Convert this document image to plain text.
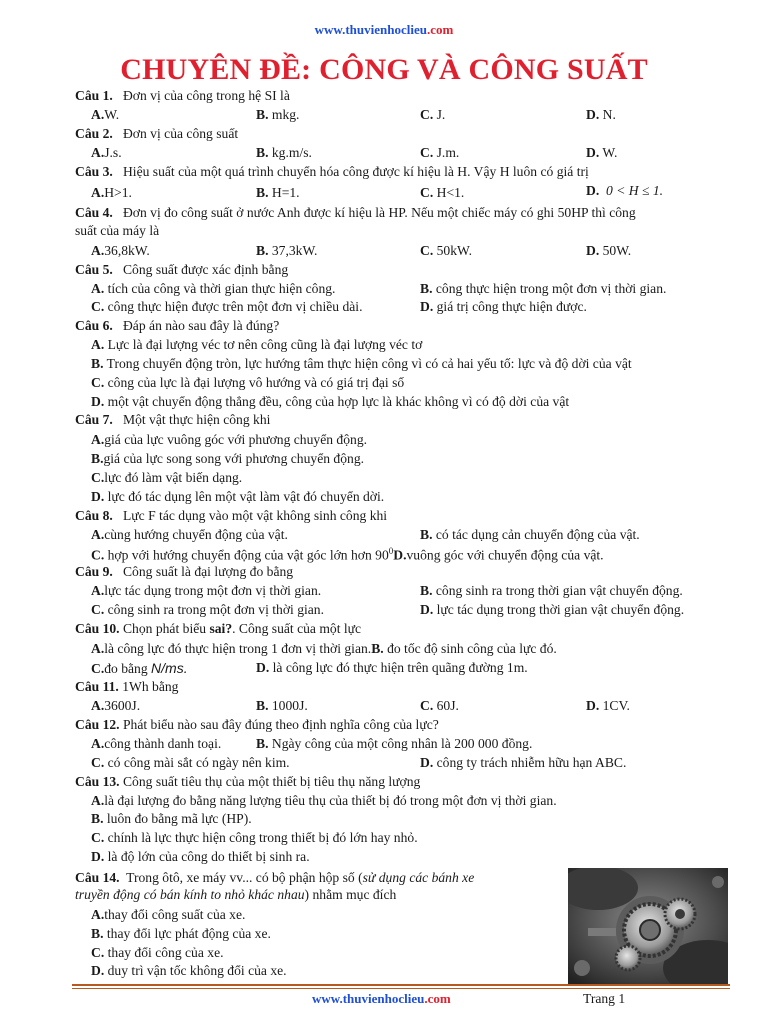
www.thuvienhoclieu.com
CHUYÊN ĐỀ: CÔNG VÀ CÔNG SUẤT
Câu 1. Đơn vị của công trong hệ SI là
A.W.	B. mkg.	C. J.	D. N.
Câu 2. Đơn vị của công suất
A.J.s.	B. kg.m/s.	C. J.m.	D. W.
Câu 3. Hiệu suất của một quá trình chuyển hóa công được kí hiệu là H. Vậy H luôn có giá trị
A.H>1.	B. H=1.	C. H<1.	D. 0 < H ≤ 1.
Câu 4. Đơn vị đo công suất ở nước Anh được kí hiệu là HP. Nếu một chiếc máy có ghi 50HP thì công
suất của máy là
A.36,8kW.	B. 37,3kW.	C. 50kW.	D. 50W.
Câu 5. Công suất được xác định bằng
A. tích của công và thời gian thực hiện công.	B. công thực hiện trong một đơn vị thời gian.
C. công thực hiện được trên một đơn vị chiều dài.	D. giá trị công thực hiện được.
Câu 6. Đáp án nào sau đây là đúng?
A. Lực là đại lượng véc tơ nên công cũng là đại lượng véc tơ
B. Trong chuyển động tròn, lực hướng tâm thực hiện công vì có cả hai yếu tố: lực và độ dời của vật
C. công của lực là đại lượng vô hướng và có giá trị đại số
D. một vật chuyển động thẳng đều, công của hợp lực là khác không vì có độ dời của vật
Câu 7. Một vật thực hiện công khi
A.giá của lực vuông góc với phương chuyển động.
B.giá của lực song song với phương chuyển động.
C.lực đó làm vật biến dạng.
D. lực đó tác dụng lên một vật làm vật đó chuyển dời.
Câu 8. Lực F tác dụng vào một vật không sinh công khi
A.cùng hướng chuyển động của vật.	B. có tác dụng cản chuyển động của vật.
C. hợp với hướng chuyển động của vật góc lớn hơn $90^0D.vuông$ góc với chuyển động của vật.
Câu 9. Công suất là đại lượng đo bằng
A.lực tác dụng trong một đơn vị thời gian.	B. công sinh ra trong thời gian vật chuyển động.
C. công sinh ra trong một đơn vị thời gian.	D. lực tác dụng trong thời gian vật chuyển động.
Câu 10. Chọn phát biểu sai?. Công suất của một lực
A.là công lực đó thực hiện trong 1 đơn vị thời gian.B. đo tốc độ sinh công của lực đó.
C.đo bằng N/ms.	D. là công lực đó thực hiện trên quãng đường 1m.
Câu 11. 1Wh bằng
A.3600J.	B. 1000J.	C. 60J.	D. 1CV.
Câu 12. Phát biểu nào sau đây đúng theo định nghĩa công của lực?
A.công thành danh toại.	B. Ngày công của một công nhân là 200 000 đồng.
C. có công mài sắt có ngày nên kim.	D. công ty trách nhiễm hữu hạn ABC.
Câu 13. Công suất tiêu thụ của một thiết bị tiêu thụ năng lượng
A.là đại lượng đo bằng năng lượng tiêu thụ của thiết bị đó trong một đơn vị thời gian.
B. luôn đo bằng mã lực (HP).
C. chính là lực thực hiện công trong thiết bị đó lớn hay nhỏ.
D. là độ lớn của công do thiết bị sinh ra.
Câu 14. Trong ôtô, xe máy vv... có bộ phận hộp số (sử dụng các bánh xe
truyền động có bán kính to nhỏ khác nhau) nhằm mục đích
A.thay đổi công suất của xe.
B. thay đổi lực phát động của xe.
C. thay đổi công của xe.
D. duy trì vận tốc không đổi của xe.
www.thuvienhoclieu.com	Trang 1
